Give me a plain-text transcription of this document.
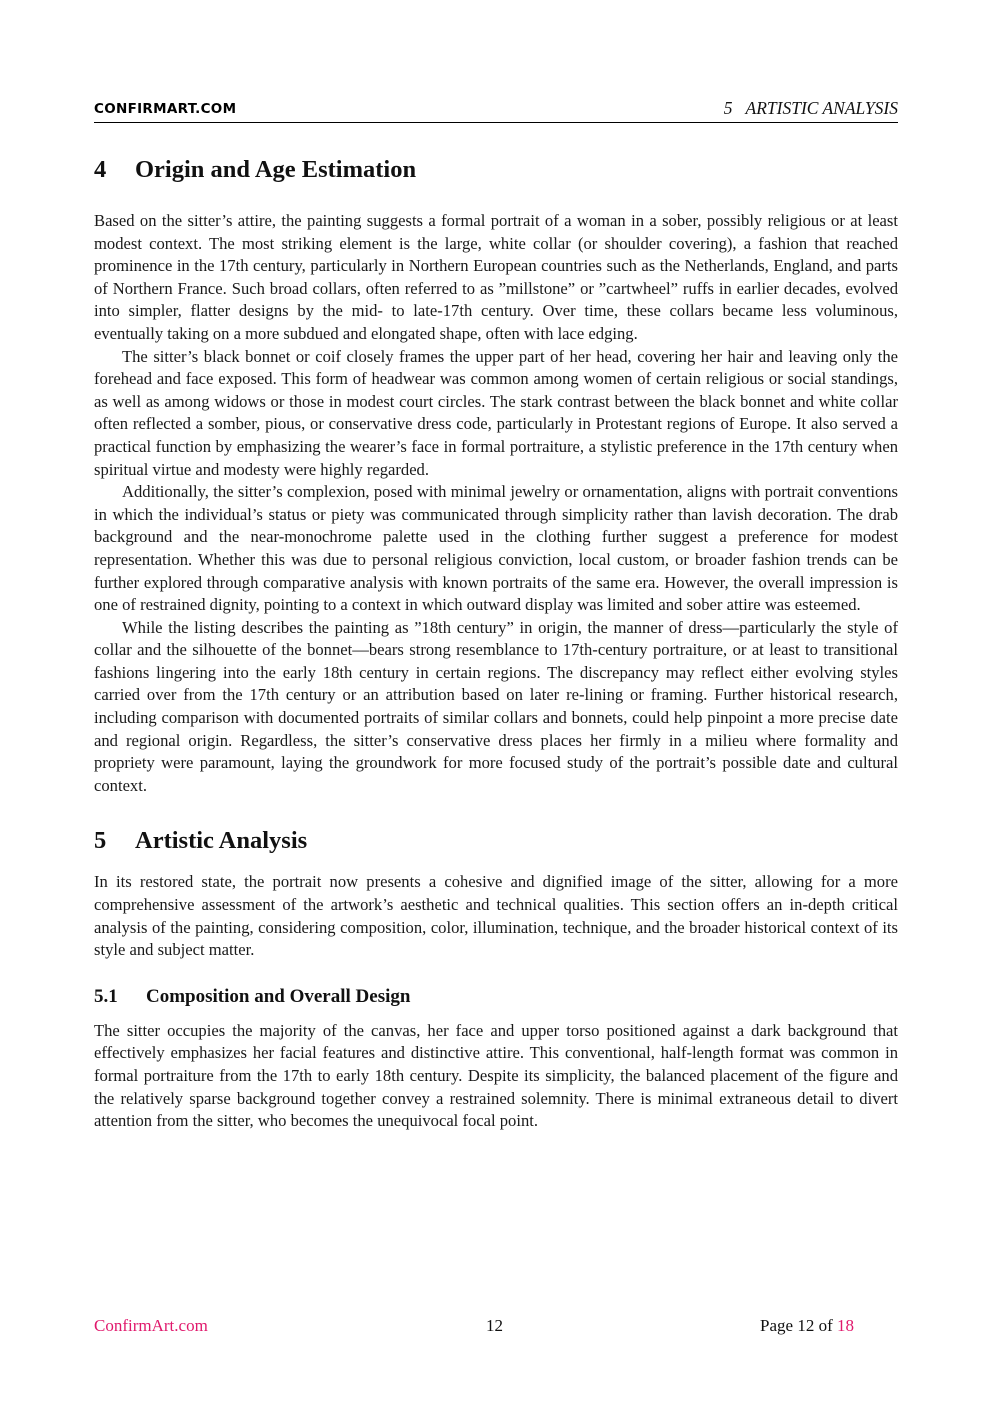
CONFIRMART.COM	5 ARTISTIC ANALYSIS
4 Origin and Age Estimation

Based on the sitter’s attire, the painting suggests a formal portrait of a woman in a sober, possibly religious or at least modest context. The most striking element is the large, white collar (or shoulder covering), a fashion that reached prominence in the 17th century, particularly in Northern European countries such as the Netherlands, England, and parts of Northern France. Such broad collars, often referred to as ”millstone” or ”cartwheel” ruffs in earlier decades, evolved into simpler, flatter designs by the mid- to late-17th century. Over time, these collars became less voluminous, eventually taking on a more subdued and elongated shape, often with lace edging.

The sitter’s black bonnet or coif closely frames the upper part of her head, covering her hair and leaving only the forehead and face exposed. This form of headwear was common among women of certain religious or social standings, as well as among widows or those in modest court circles. The stark contrast between the black bonnet and white collar often reflected a somber, pious, or conservative dress code, particularly in Protestant regions of Europe. It also served a practical function by emphasizing the wearer’s face in formal portraiture, a stylistic preference in the 17th century when spiritual virtue and modesty were highly regarded.

Additionally, the sitter’s complexion, posed with minimal jewelry or ornamentation, aligns with portrait conventions in which the individual’s status or piety was communicated through simplicity rather than lavish decoration. The drab background and the near-monochrome palette used in the clothing further suggest a preference for modest representation. Whether this was due to personal religious conviction, local custom, or broader fashion trends can be further explored through comparative analysis with known portraits of the same era. However, the overall impression is one of restrained dignity, pointing to a context in which outward display was limited and sober attire was esteemed.

While the listing describes the painting as ”18th century” in origin, the manner of dress—particularly the style of collar and the silhouette of the bonnet—bears strong resemblance to 17th-century portraiture, or at least to transitional fashions lingering into the early 18th century in certain regions. The discrepancy may reflect either evolving styles carried over from the 17th century or an attribution based on later re-lining or framing. Further historical research, including comparison with documented portraits of similar collars and bonnets, could help pinpoint a more precise date and regional origin. Regardless, the sitter’s conservative dress places her firmly in a milieu where formality and propriety were paramount, laying the groundwork for more focused study of the portrait’s possible date and cultural context.

5 Artistic Analysis

In its restored state, the portrait now presents a cohesive and dignified image of the sitter, allowing for a more comprehensive assessment of the artwork’s aesthetic and technical qualities. This section offers an in-depth critical analysis of the painting, considering composition, color, illumination, technique, and the broader historical context of its style and subject matter.

5.1 Composition and Overall Design

The sitter occupies the majority of the canvas, her face and upper torso positioned against a dark background that effectively emphasizes her facial features and distinctive attire. This conventional, half-length format was common in formal portraiture from the 17th to early 18th century. Despite its simplicity, the balanced placement of the figure and the relatively sparse background together convey a restrained solemnity. There is minimal extraneous detail to divert attention from the sitter, who becomes the unequivocal focal point.

ConfirmArt.com	12	Page 12 of 18
